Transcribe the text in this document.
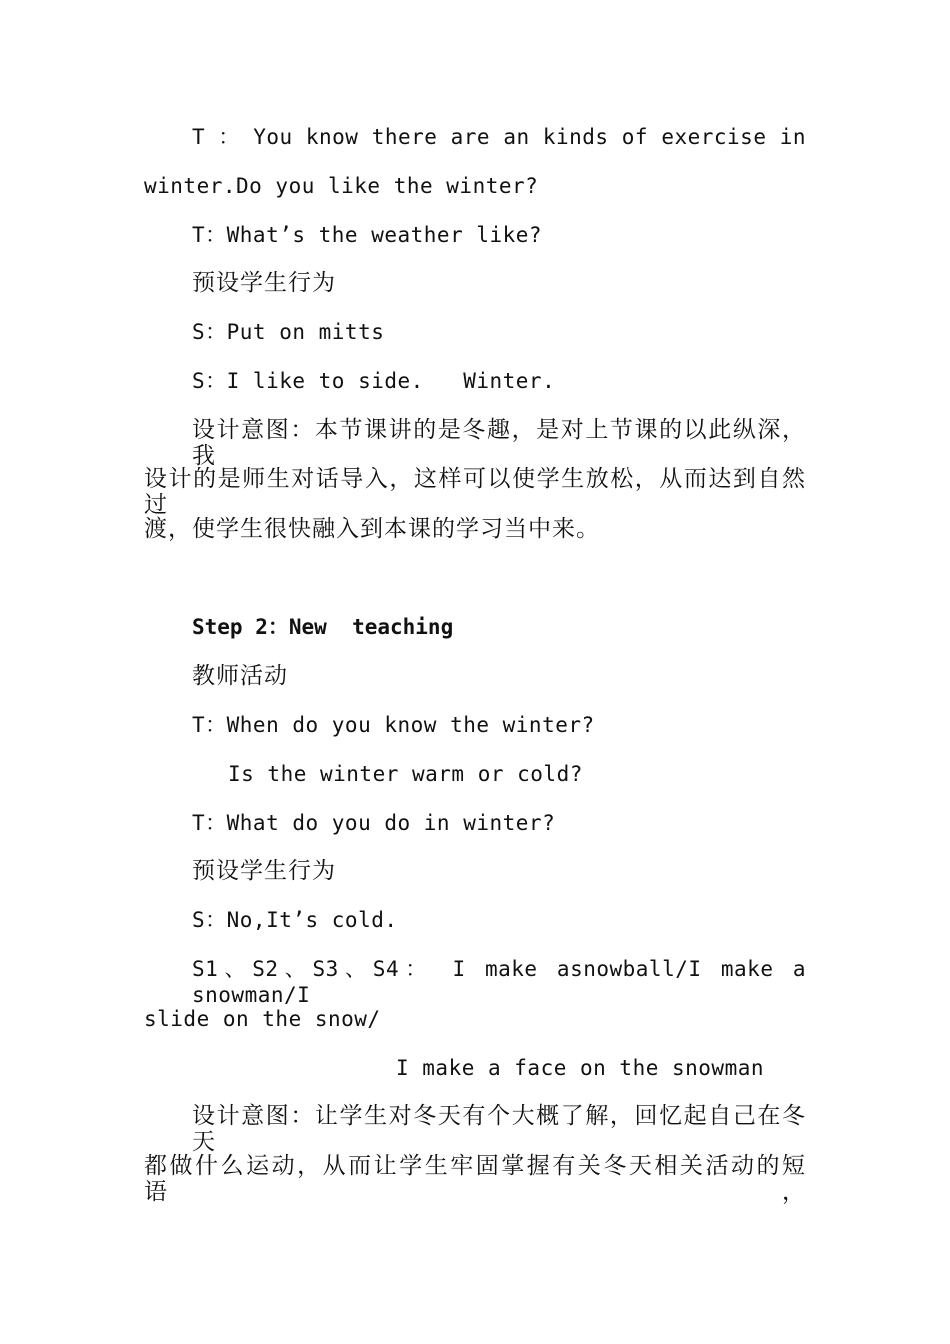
T ： You know there are an kinds of exercise in
winter.Do you like the winter?
T：What’s the weather like?
预设学生行为
S：Put on mitts
S：I like to side.   Winter.
设计意图：本节课讲的是冬趣，是对上节课的以此纵深，我
设计的是师生对话导入，这样可以使学生放松，从而达到自然过
渡，使学生很快融入到本课的学习当中来。
Step 2：New  teaching
教师活动
T：When do you know the winter?
Is the winter warm or cold?
T：What do you do in winter?
预设学生行为
S：No,It’s cold.
S1、S2、S3、S4： I make asnowball/I make a snowman/I
slide on the snow/
I make a face on the snowman
设计意图：让学生对冬天有个大概了解，回忆起自己在冬天
都做什么运动，从而让学生牢固掌握有关冬天相关活动的短语，
